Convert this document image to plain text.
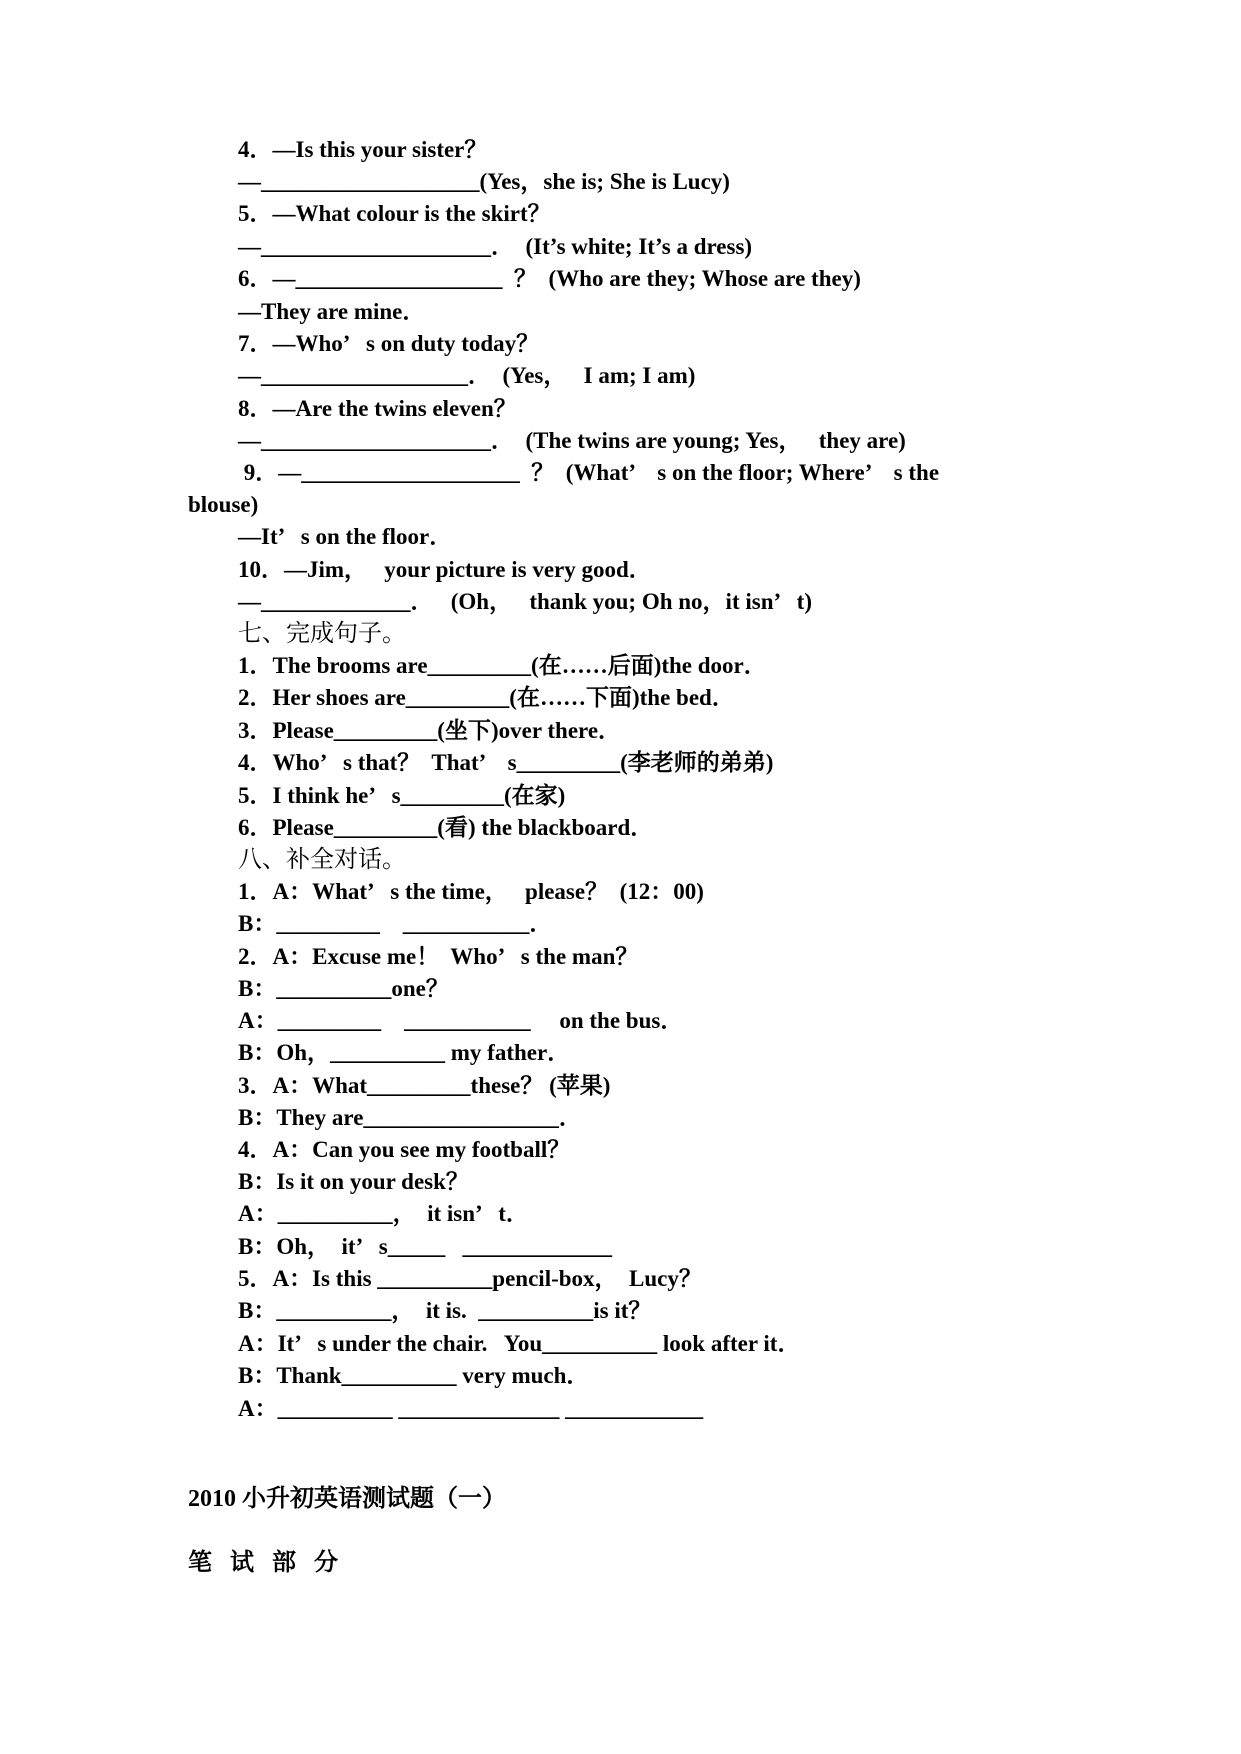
4．—Is this your sister？
—___________________(Yes，she is; She is Lucy)
5．—What colour is the skirt？
—____________________．  (It’s white; It’s a dress)
6．—__________________  ？  (Who are they; Whose are they)
—They are mine．
7．—Who’   s on duty today？
—__________________．  (Yes，   I am; I am)
8．—Are the twins eleven？
—____________________．  (The twins are young; Yes，   they are)
9．—___________________  ？  (What’    s on the floor; Where’    s the
blouse)
—It’   s on the floor．
10．—Jim，   your picture is very good．
—_____________．   (Oh，   thank you; Oh no，it isn’   t)
七、完成句子。
1．The brooms are_________(在……后面)the door．
2．Her shoes are_________(在……下面)the bed．
3．Please_________(坐下)over there．
4．Who’   s that？  That’    s_________(李老师的弟弟)
5．I think he’   s_________(在家)
6．Please_________(看) the blackboard．
八、补全对话。
1．A：What’   s the time，   please？  (12：00)
B：_________    ___________．
2．A：Excuse me！  Who’   s the man？
B：__________one？
A：_________    ___________     on the bus．
B：Oh，__________ my father．
3．A：What_________these？ (苹果)
B：They are_________________．
4．A：Can you see my football？
B：Is it on your desk？
A：__________，  it isn’   t．
B：Oh，  it’   s_____   _____________
5．A：Is this __________pencil-box，  Lucy？
B：__________，  it is.  __________is it？
A：It’   s under the chair.   You__________ look after it．
B：Thank__________ very much．
A：__________ ______________ ____________
2010 小升初英语测试题（一）
笔 试 部 分
